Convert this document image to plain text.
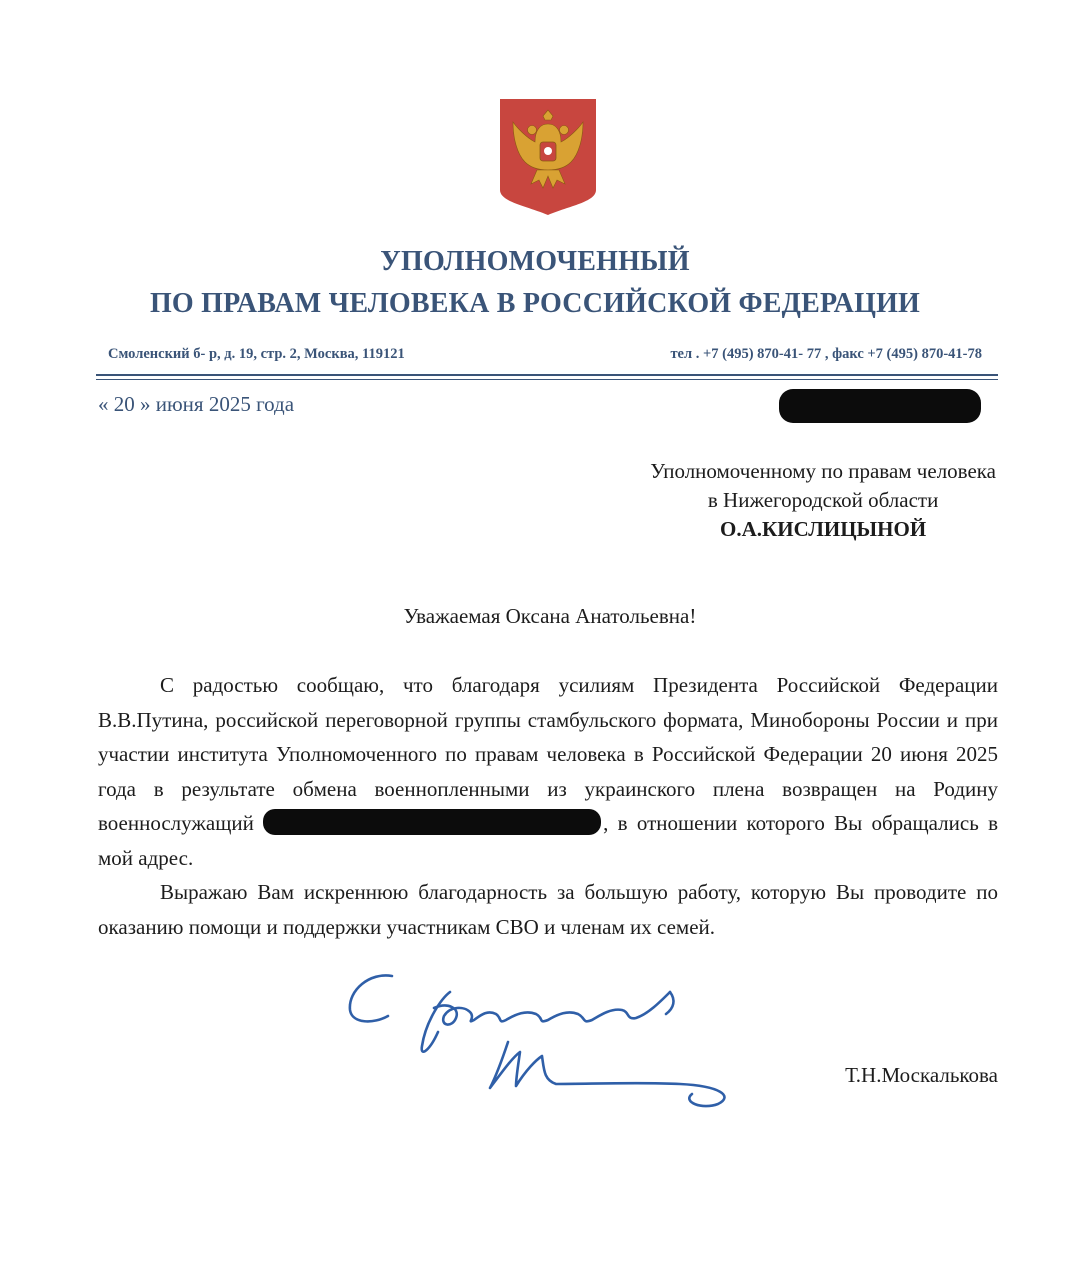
УПОЛНОМОЧЕННЫЙ
ПО ПРАВАМ ЧЕЛОВЕКА В РОССИЙСКОЙ ФЕДЕРАЦИИ
Смоленский б- р, д. 19, стр. 2, Москва, 119121	тел . +7 (495) 870-41- 77 , факс +7 (495) 870-41-78
« 20 » июня 2025 года
Уполномоченному по правам человека
в Нижегородской области
О.А.КИСЛИЦЫНОЙ
Уважаемая Оксана Анатольевна!

С радостью сообщаю, что благодаря усилиям Президента Российской Федерации В.В.Путина, российской переговорной группы стамбульского формата, Минобороны России и при участии института Уполномоченного по правам человека в Российской Федерации 20 июня 2025 года в результате обмена военнопленными из украинского плена возвращен на Родину военнослужащий	, в отношении которого Вы обращались в мой адрес.

Выражаю Вам искреннюю благодарность за большую работу, которую Вы проводите по оказанию помощи и поддержки участникам СВО и членам их семей.

Т.Н.Москалькова
